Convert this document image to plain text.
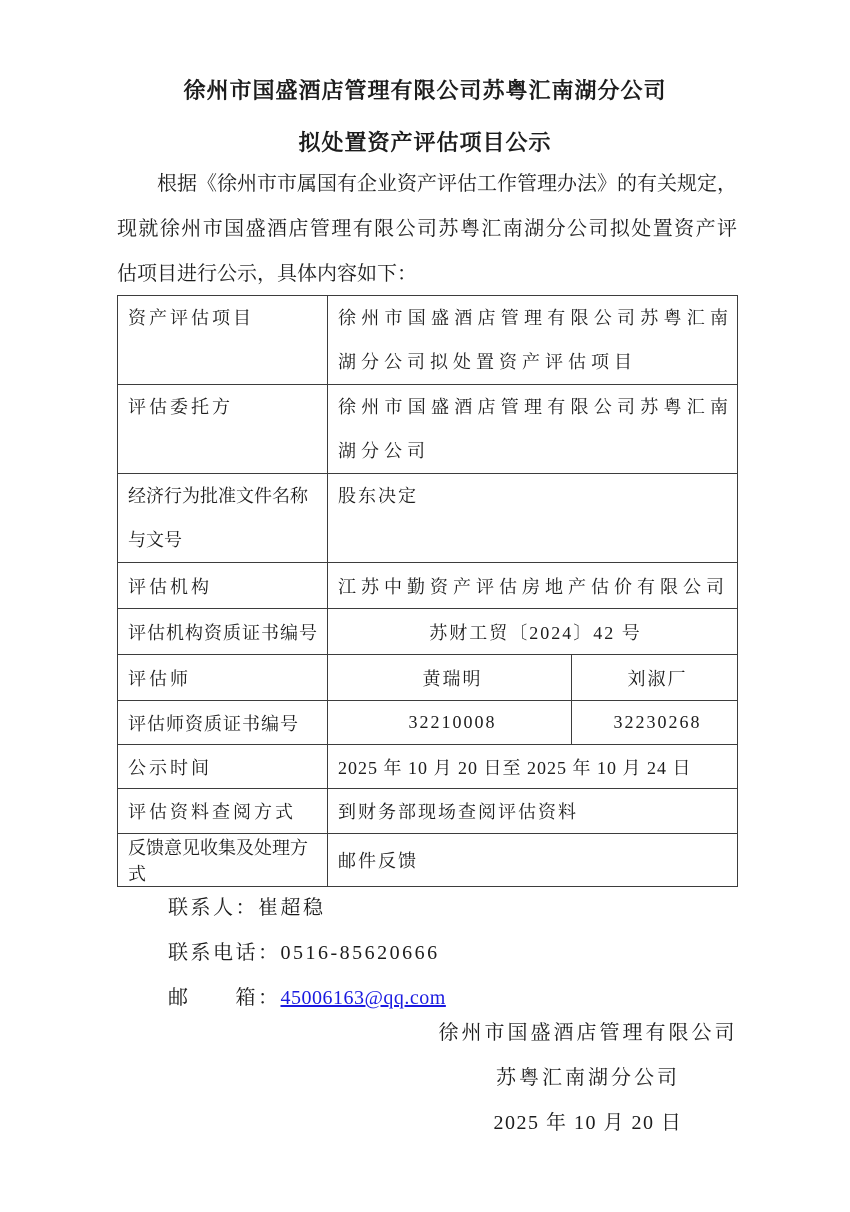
徐州市国盛酒店管理有限公司苏粤汇南湖分公司
拟处置资产评估项目公示
根据《徐州市市属国有企业资产评估工作管理办法》的有关规定，
现就徐州市国盛酒店管理有限公司苏粤汇南湖分公司拟处置资产评
估项目进行公示，具体内容如下：
资产评估项目	徐州市国盛酒店管理有限公司苏粤汇南湖分公司拟处置资产评估项目	
评估委托方	徐州市国盛酒店管理有限公司苏粤汇南湖分公司	
经济行为批准文件名称与文号	股东决定	
评估机构	江苏中勤资产评估房地产估价有限公司	
评估机构资质证书编号	苏财工贸〔2024〕42 号	
评估师	黄瑞明	刘淑厂
评估师资质证书编号	32210008	32230268
公示时间	2025 年 10 月 20 日至 2025 年 10 月 24 日	
评估资料查阅方式	到财务部现场查阅评估资料	
反馈意见收集及处理方式	邮件反馈	
联系人：崔超稳
联系电话：0516-85620666
邮　　箱：45006163@qq.com
徐州市国盛酒店管理有限公司
苏粤汇南湖分公司
2025 年 10 月 20 日
